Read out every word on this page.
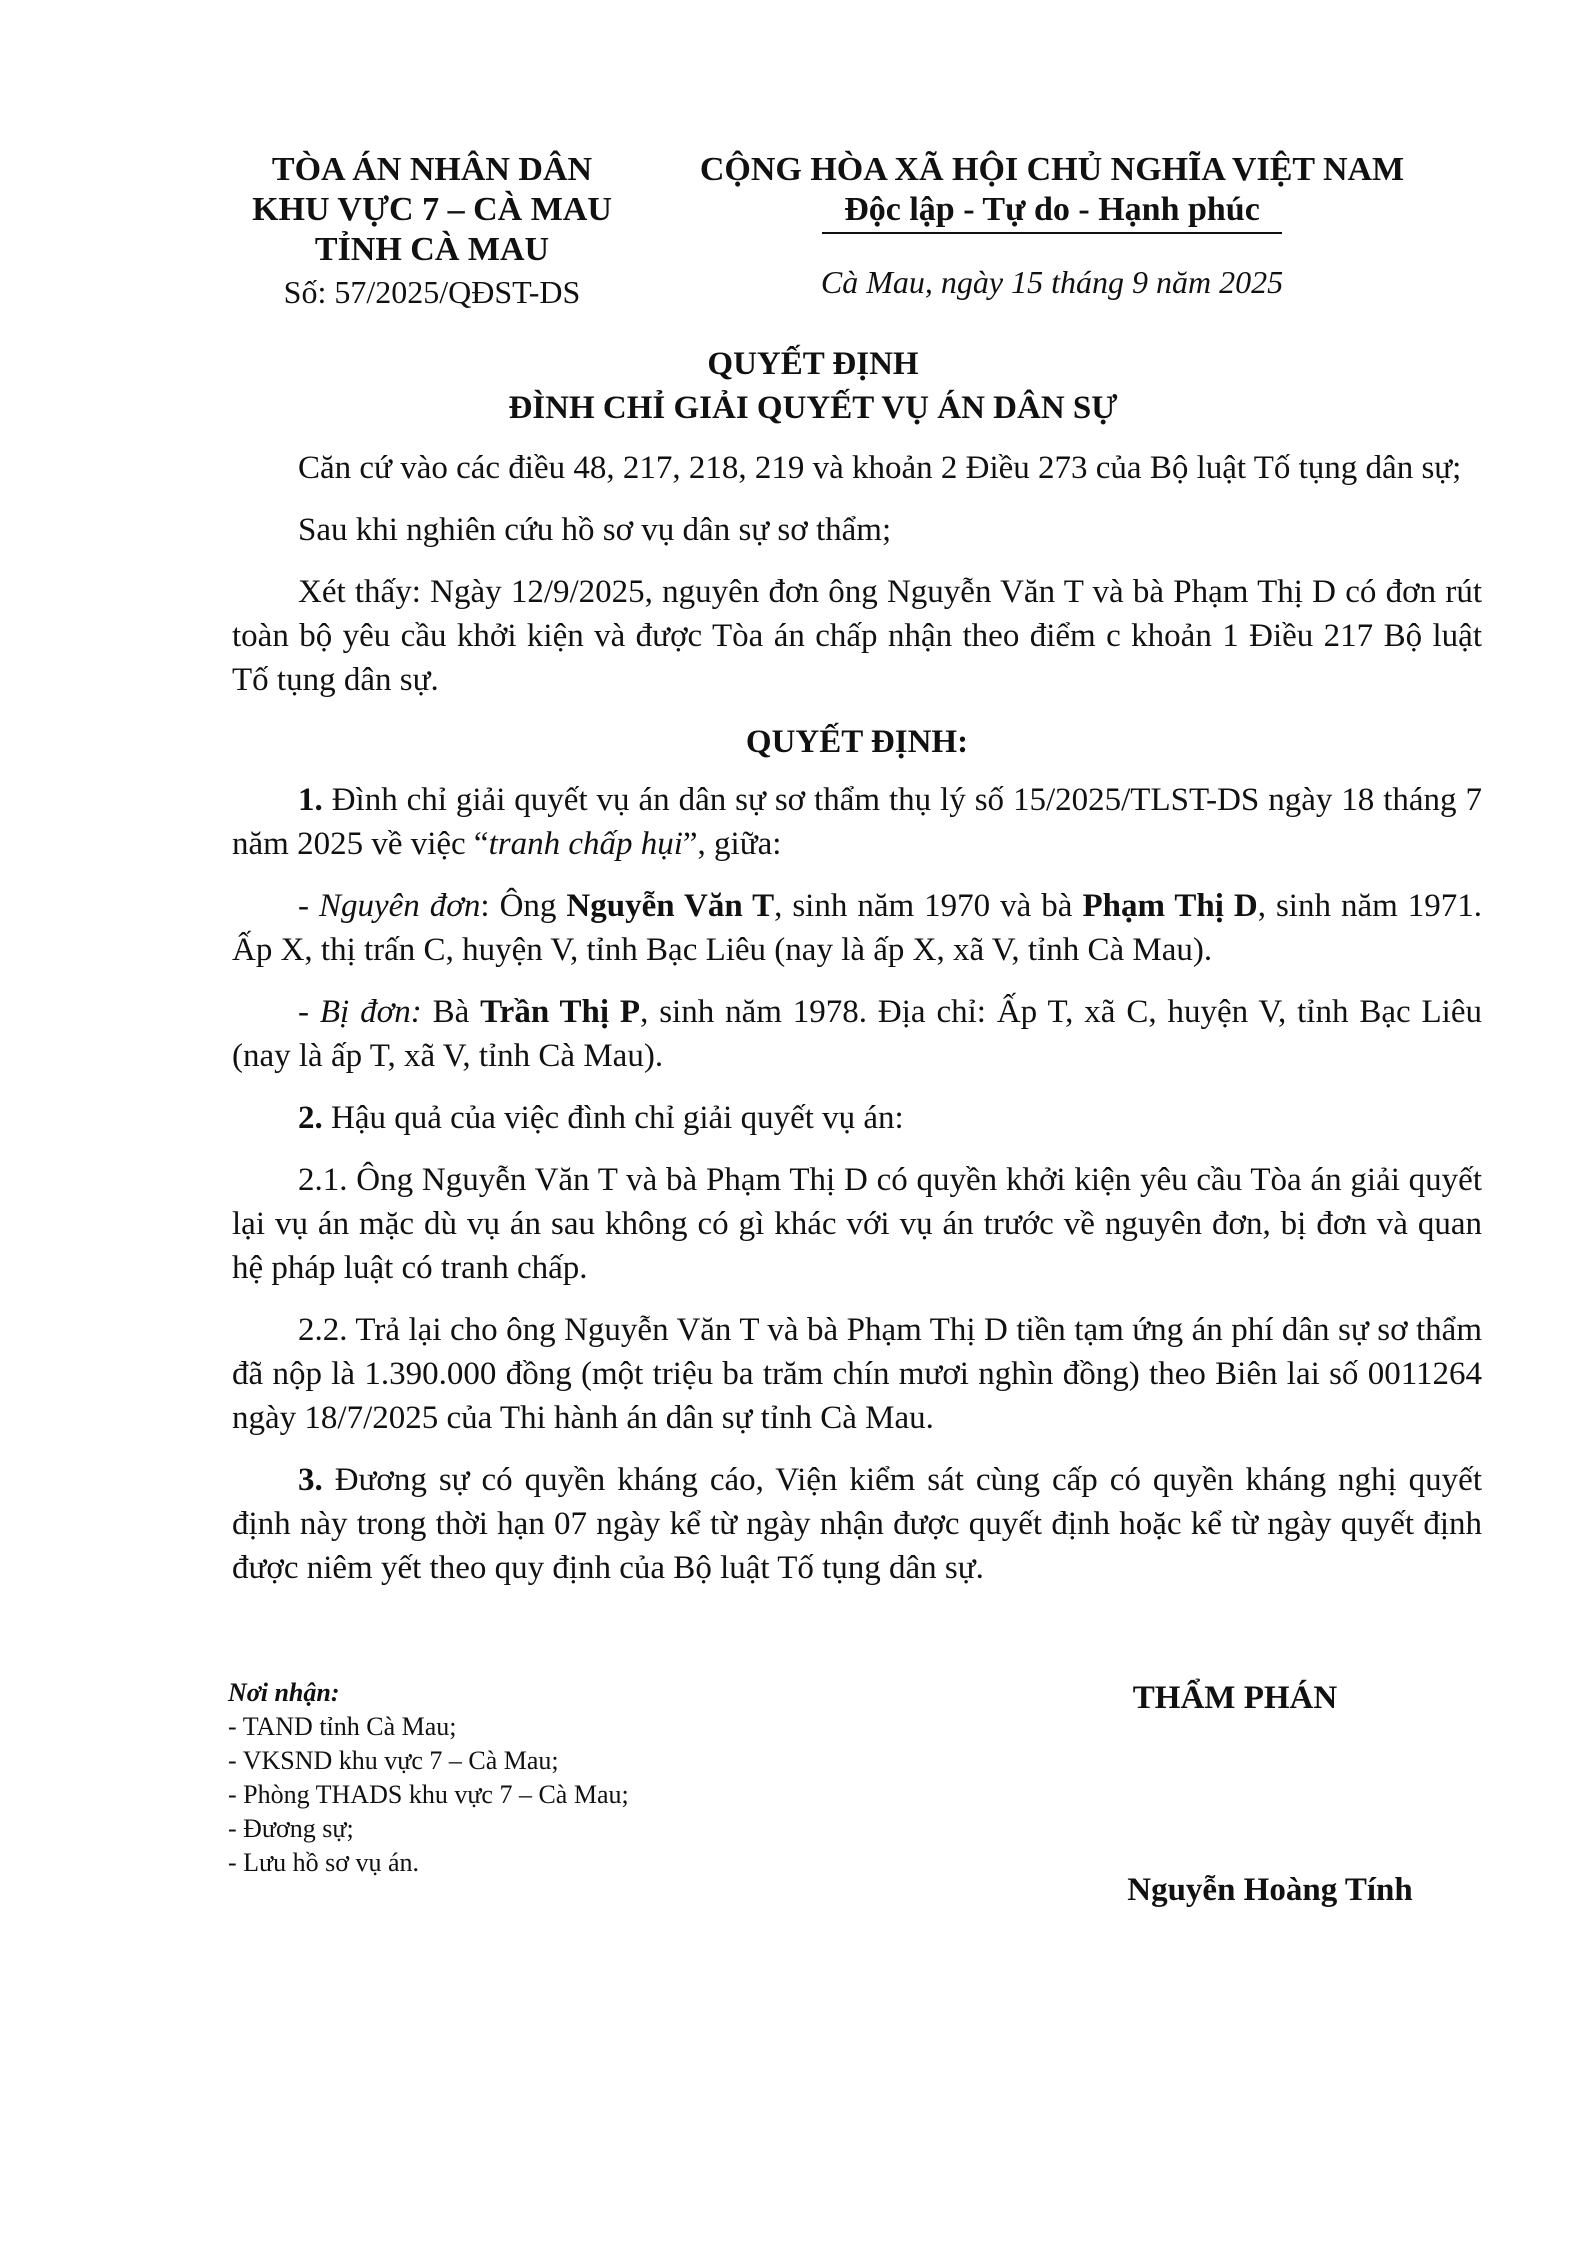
TÒA ÁN NHÂN DÂN
KHU VỰC 7 – CÀ MAU
TỈNH CÀ MAU
Số: 57/2025/QĐST-DS
CỘNG HÒA XÃ HỘI CHỦ NGHĨA VIỆT NAM
Độc lập - Tự do - Hạnh phúc
Cà Mau, ngày 15 tháng 9 năm 2025
QUYẾT ĐỊNH
ĐÌNH CHỈ GIẢI QUYẾT VỤ ÁN DÂN SỰ

Căn cứ vào các điều 48, 217, 218, 219 và khoản 2 Điều 273 của Bộ luật Tố tụng dân sự;

Sau khi nghiên cứu hồ sơ vụ dân sự sơ thẩm;

Xét thấy: Ngày 12/9/2025, nguyên đơn ông Nguyễn Văn T và bà Phạm Thị D có đơn rút toàn bộ yêu cầu khởi kiện và được Tòa án chấp nhận theo điểm c khoản 1 Điều 217 Bộ luật Tố tụng dân sự.

QUYẾT ĐỊNH:

1. Đình chỉ giải quyết vụ án dân sự sơ thẩm thụ lý số 15/2025/TLST-DS ngày 18 tháng 7 năm 2025 về việc “tranh chấp hụi”, giữa:

- Nguyên đơn: Ông Nguyễn Văn T, sinh năm 1970 và bà Phạm Thị D, sinh năm 1971. Ấp X, thị trấn C, huyện V, tỉnh Bạc Liêu (nay là ấp X, xã V, tỉnh Cà Mau).

- Bị đơn: Bà Trần Thị P, sinh năm 1978. Địa chỉ: Ấp T, xã C, huyện V, tỉnh Bạc Liêu (nay là ấp T, xã V, tỉnh Cà Mau).

2. Hậu quả của việc đình chỉ giải quyết vụ án:

2.1. Ông Nguyễn Văn T và bà Phạm Thị D có quyền khởi kiện yêu cầu Tòa án giải quyết lại vụ án mặc dù vụ án sau không có gì khác với vụ án trước về nguyên đơn, bị đơn và quan hệ pháp luật có tranh chấp.

2.2. Trả lại cho ông Nguyễn Văn T và bà Phạm Thị D tiền tạm ứng án phí dân sự sơ thẩm đã nộp là 1.390.000 đồng (một triệu ba trăm chín mươi nghìn đồng) theo Biên lai số 0011264 ngày 18/7/2025 của Thi hành án dân sự tỉnh Cà Mau.

3. Đương sự có quyền kháng cáo, Viện kiểm sát cùng cấp có quyền kháng nghị quyết định này trong thời hạn 07 ngày kể từ ngày nhận được quyết định hoặc kể từ ngày quyết định được niêm yết theo quy định của Bộ luật Tố tụng dân sự.

Nơi nhận:
- TAND tỉnh Cà Mau;
- VKSND khu vực 7 – Cà Mau;
- Phòng THADS khu vực 7 – Cà Mau;
- Đương sự;
- Lưu hồ sơ vụ án.
THẨM PHÁN
Nguyễn Hoàng Tính
